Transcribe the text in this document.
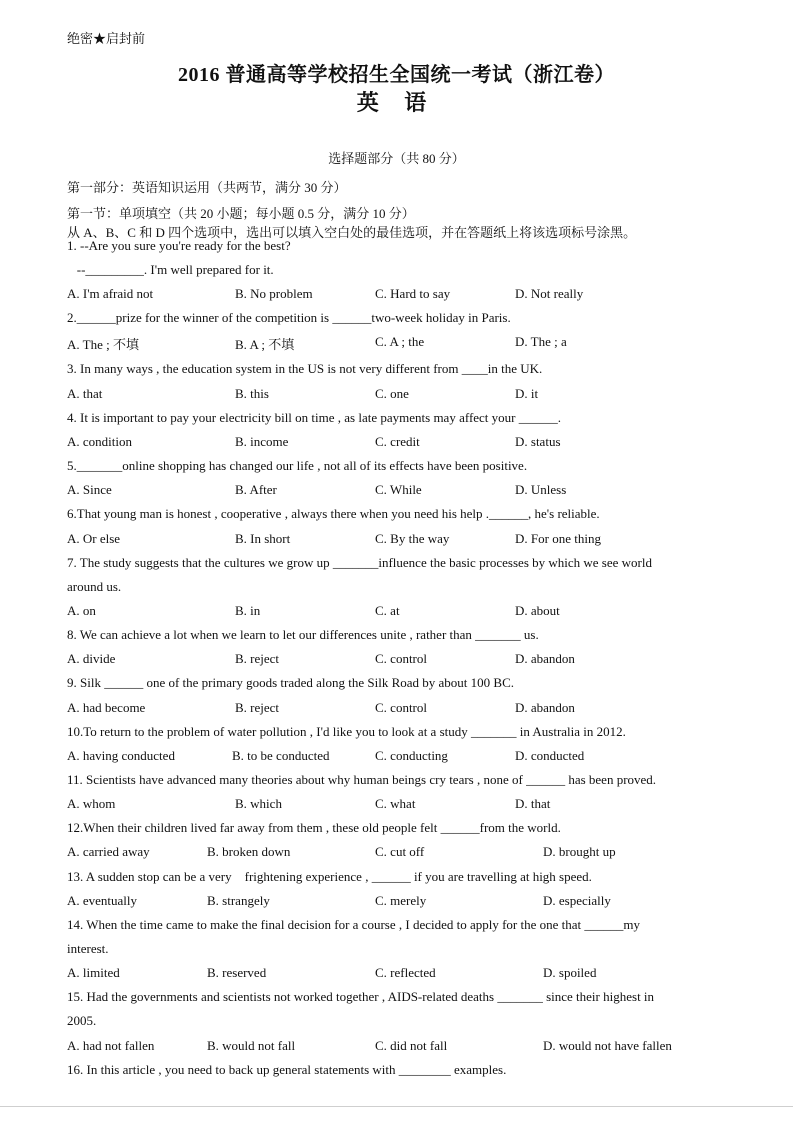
绝密★启封前
2016 普通高等学校招生全国统一考试（浙江卷）
英 语
选择题部分（共 80 分）
第一部分：英语知识运用（共两节，满分 30 分）
第一节：单项填空（共 20 小题；每小题 0.5 分，满分 10 分）
从 A、B、C 和 D 四个选项中，选出可以填入空白处的最佳选项，并在答题纸上将该选项标号涂黑。
1. --Are you sure you're ready for the best?
--_________. I'm well prepared for it.
A. I'm afraid not	B. No problem	C. Hard to say	D. Not really
2.______prize for the winner of the competition is ______two-week holiday in Paris.
A. The ; 不填	B. A ; 不填	C. A ; the	D. The ; a
3. In many ways , the education system in the US is not very different from ____in the UK.
A. that	B. this	C. one	D. it
4. It is important to pay your electricity bill on time , as late payments may affect your ______.
A. condition	B. income	C. credit	D. status
5._______online shopping has changed our life , not all of its effects have been positive.
A. Since	B. After	C. While	D. Unless
6.That young man is honest , cooperative , always there when you need his help .______, he's reliable.
A. Or else	B. In short	C. By the way	D. For one thing
7. The study suggests that the cultures we grow up _______influence the basic processes by which we see world
around us.
A. on	B. in	C. at	D. about
8. We can achieve a lot when we learn to let our differences unite , rather than _______ us.
A. divide	B. reject	C. control	D. abandon
9. Silk ______ one of the primary goods traded along the Silk Road by about 100 BC.
A. had become	B. reject	C. control	D. abandon
10.To return to the problem of water pollution , I'd like you to look at a study _______ in Australia in 2012.
A. having conducted	B. to be conducted	C. conducting	D. conducted
11. Scientists have advanced many theories about why human beings cry tears , none of ______ has been proved.
A. whom	B. which	C. what	D. that
12.When their children lived far away from them , these old people felt ______from the world.
A. carried away	B. broken down	C. cut off	D. brought up
13. A sudden stop can be a very    frightening experience , ______ if you are travelling at high speed.
A. eventually	B. strangely	C. merely	D. especially
14. When the time came to make the final decision for a course , I decided to apply for the one that ______my
interest.
A. limited	B. reserved	C. reflected	D. spoiled
15. Had the governments and scientists not worked together , AIDS-related deaths _______ since their highest in
2005.
A. had not fallen	B. would not fall	C. did not fall	D. would not have fallen
16. In this article , you need to back up general statements with ________ examples.
